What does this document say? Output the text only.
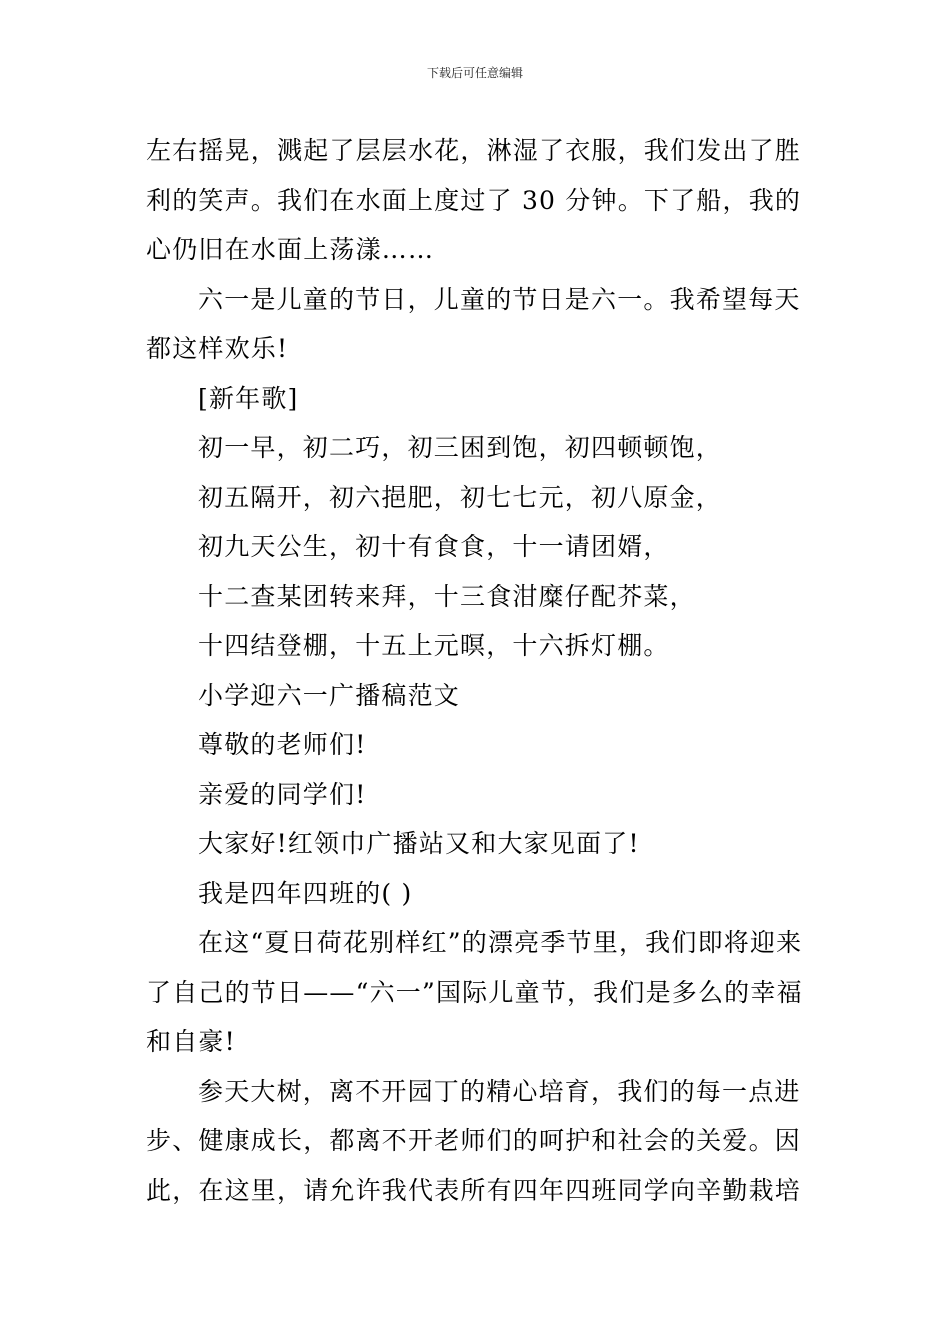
下载后可任意编辑

左右摇晃，溅起了层层水花，淋湿了衣服，我们发出了胜利的笑声。我们在水面上度过了 30 分钟。下了船，我的心仍旧在水面上荡漾……

六一是儿童的节日，儿童的节日是六一。我希望每天都这样欢乐!

[新年歌]

初一早，初二巧，初三困到饱，初四顿顿饱，

初五隔开，初六挹肥，初七七元，初八原金，

初九天公生，初十有食食，十一请团婿，

十二查某团转来拜，十三食泔糜仔配芥菜，

十四结登棚，十五上元暝，十六拆灯棚。

小学迎六一广播稿范文

尊敬的老师们!

亲爱的同学们!

大家好!红领巾广播站又和大家见面了!

我是四年四班的( )

在这“夏日荷花别样红”的漂亮季节里，我们即将迎来了自己的节日——“六一”国际儿童节，我们是多么的幸福和自豪!

参天大树，离不开园丁的精心培育，我们的每一点进步、健康成长，都离不开老师们的呵护和社会的关爱。因此，在这里，请允许我代表所有四年四班同学向辛勤栽培
